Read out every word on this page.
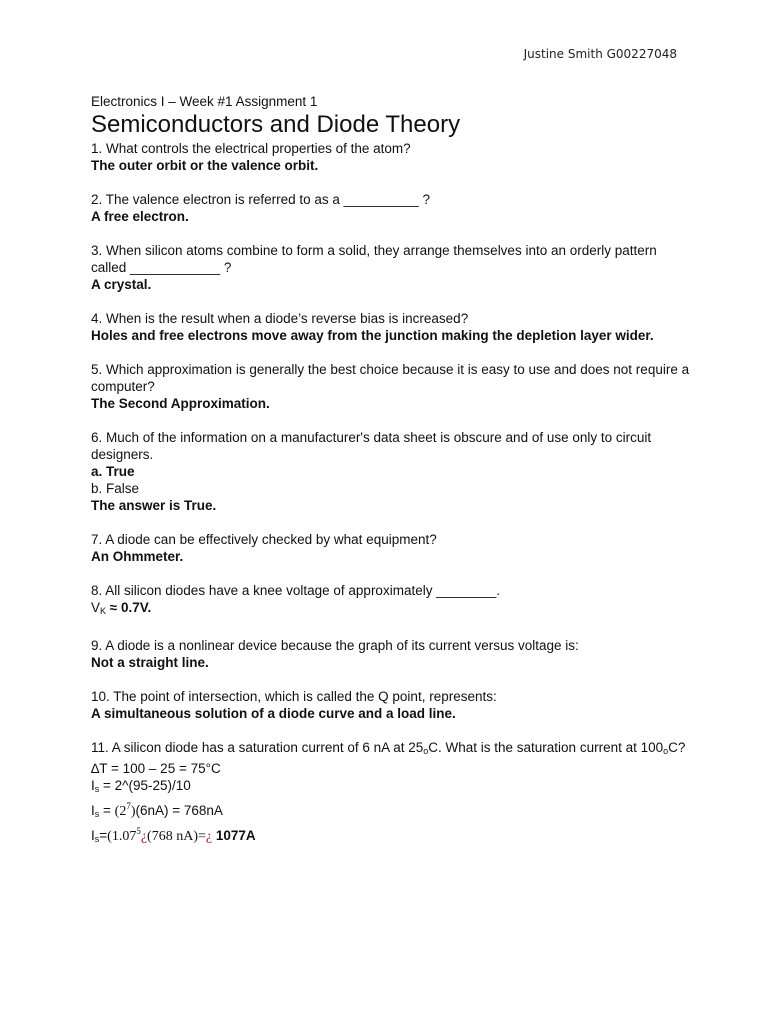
Justine Smith G00227048
Electronics I – Week #1 Assignment 1
Semiconductors and Diode Theory

1. What controls the electrical properties of the atom?

The outer orbit or the valence orbit.

2. The valence electron is referred to as a __________ ?

A free electron.

3. When silicon atoms combine to form a solid, they arrange themselves into an orderly pattern called ____________ ?

A crystal.

4. When is the result when a diode’s reverse bias is increased?

Holes and free electrons move away from the junction making the depletion layer wider.

5. Which approximation is generally the best choice because it is easy to use and does not require a computer?

The Second Approximation.

6. Much of the information on a manufacturer's data sheet is obscure and of use only to circuit designers.

a. True

b. False

The answer is True.

7. A diode can be effectively checked by what equipment?

An Ohmmeter.

8. All silicon diodes have a knee voltage of approximately ________.

$V_K \approx 0.7V$.

9. A diode is a nonlinear device because the graph of its current versus voltage is:

Not a straight line.

10. The point of intersection, which is called the Q point, represents:

A simultaneous solution of a diode curve and a load line.

11. A silicon diode has a saturation current of 6 nA at $25_oC$. What is the saturation current at $100_oC$?

∆T = 100 – 25 = 75°C

$I_s$ = 2^(95-25)/10

$I_s = (2^7)(6nA) = 768nA$

$I_s=(1.07^5¿(768$ nA)=¿ 1077A
